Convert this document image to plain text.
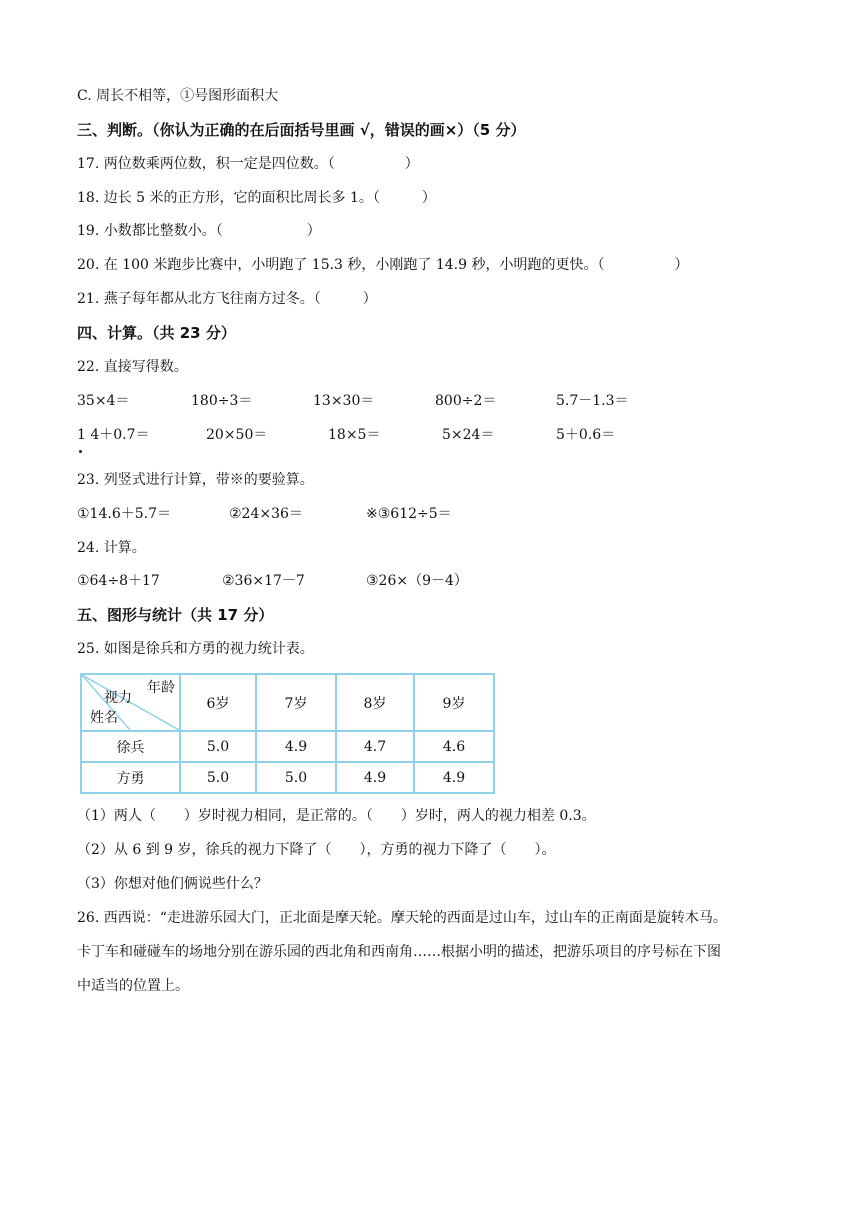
C. 周长不相等，①号图形面积大
三、判断。（你认为正确的在后面括号里画 √，错误的画×）（5 分）
17. 两位数乘两位数，积一定是四位数。（　　　　　）
18. 边长 5 米的正方形，它的面积比周长多 1。（　　　）
19. 小数都比整数小。（　　　　　　）
20. 在 100 米跑步比赛中，小明跑了 15.3 秒，小刚跑了 14.9 秒，小明跑的更快。（　　　　　）
21. 燕子每年都从北方飞往南方过冬。（　　　）
四、计算。（共 23 分）
22. 直接写得数。
35×4＝	180÷3＝	13×30＝	800÷2＝	5.7－1.3＝
1 4＋0.7＝	20×50＝	18×5＝	5×24＝	5＋0.6＝
23. 列竖式进行计算，带※的要验算。
①14.6＋5.7＝	②24×36＝	※③612÷5＝
24. 计算。
①64÷8＋17	②36×17－7	③26×（9－4）
五、图形与统计（共 17 分）
25. 如图是徐兵和方勇的视力统计表。
年龄
视力
姓名	6岁	7岁	8岁	9岁
徐兵	5.0	4.9	4.7	4.6
方勇	5.0	5.0	4.9	4.9
（1）两人（　　）岁时视力相同，是正常的。（　　）岁时，两人的视力相差 0.3。
（2）从 6 到 9 岁，徐兵的视力下降了（　　），方勇的视力下降了（　　）。
（3）你想对他们俩说些什么？
26. 西西说：“走进游乐园大门，正北面是摩天轮。摩天轮的西面是过山车，过山车的正南面是旋转木马。
卡丁车和碰碰车的场地分别在游乐园的西北角和西南角……根据小明的描述，把游乐项目的序号标在下图
中适当的位置上。
